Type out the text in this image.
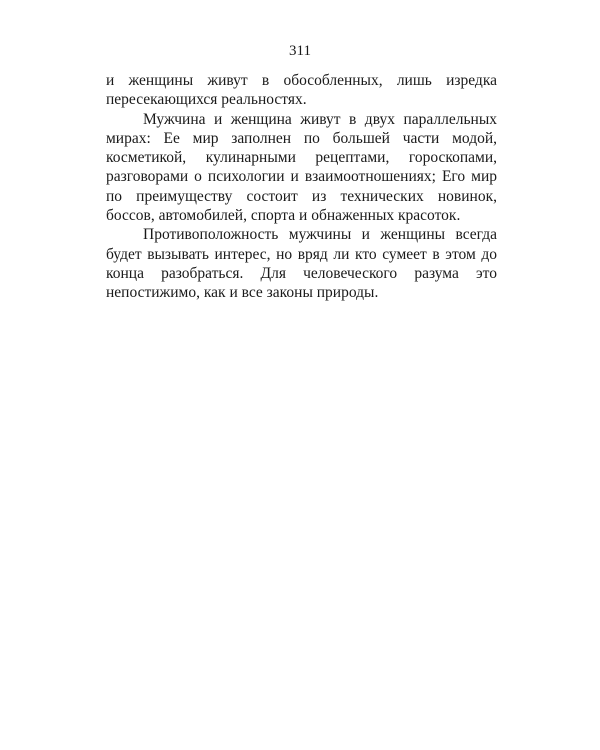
311

и женщины живут в обособленных, лишь изредка пересекающихся реальностях.

Мужчина и женщина живут в двух параллельных мирах: Ее мир заполнен по большей части модой, косметикой, кулинарными рецептами, гороскопами, разговорами о психологии и взаимоотношениях; Его мир по преимуществу состоит из технических новинок, боссов, автомобилей, спорта и обнаженных красоток.

Противоположность мужчины и женщины всегда будет вызывать интерес, но вряд ли кто сумеет в этом до конца разобраться. Для человеческого разума это непостижимо, как и все законы природы.
